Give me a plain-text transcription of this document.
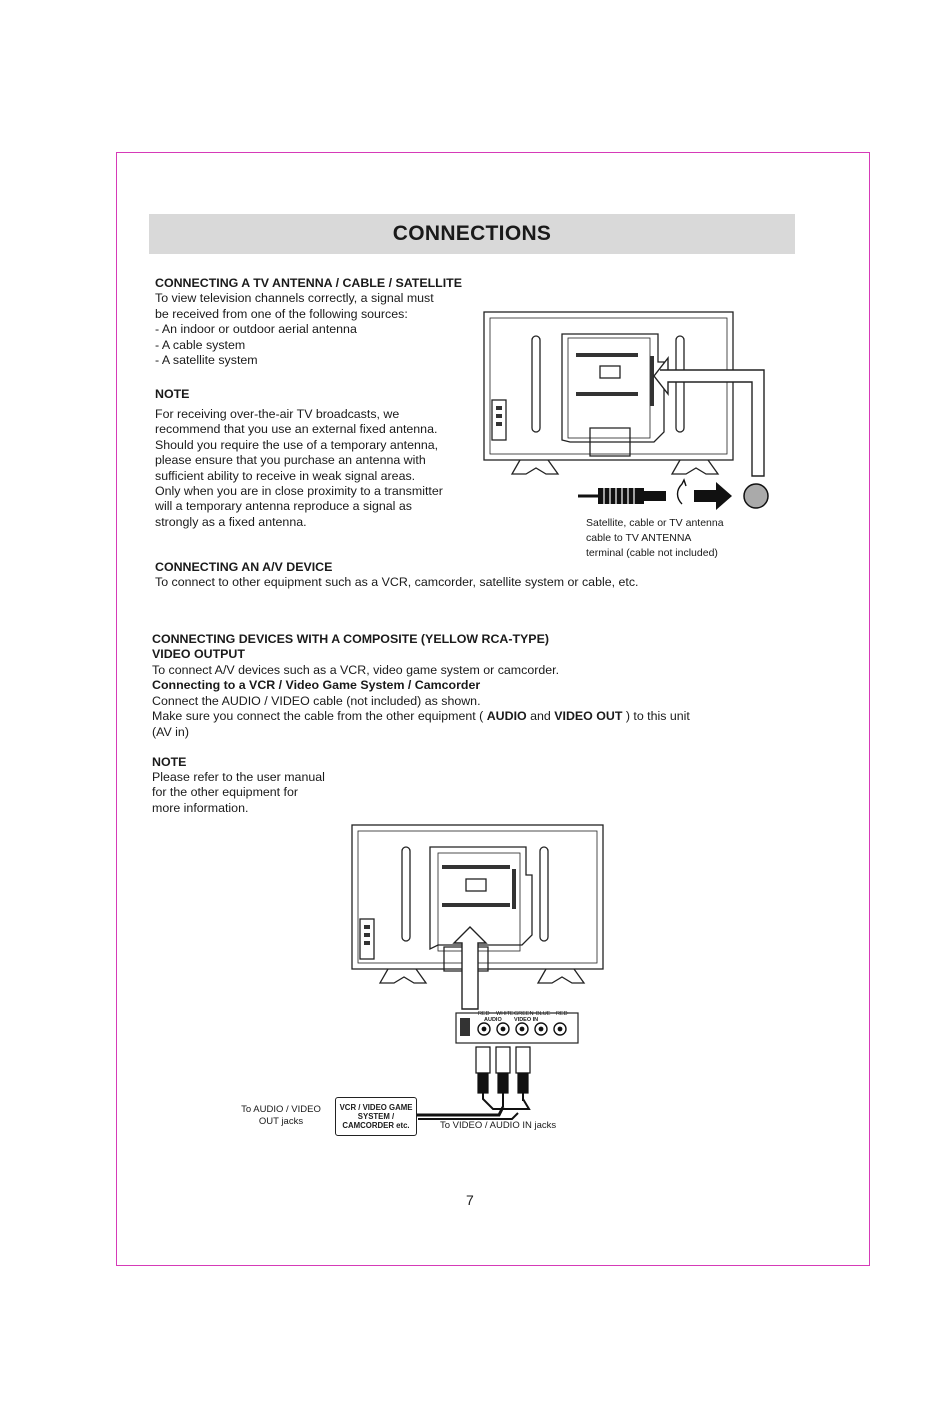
CONNECTIONS
CONNECTING A TV ANTENNA / CABLE / SATELLITE
To view television channels correctly, a signal must
be received from one of the following sources:
- An indoor or outdoor aerial antenna
- A cable system
- A satellite system
NOTE
For receiving over-the-air TV broadcasts, we
recommend that you use an external fixed antenna.
Should you require the use of a temporary antenna,
please ensure that you purchase an antenna with
sufficient ability to receive in weak signal areas.
Only when you are in close proximity to a transmitter
will a temporary antenna reproduce a signal as
strongly as a fixed antenna.	Satellite, cable or TV antenna
cable to TV ANTENNA
terminal (cable not included)
CONNECTING AN A/V DEVICE
To connect to other equipment such as a VCR, camcorder, satellite system or cable, etc.
CONNECTING DEVICES WITH A COMPOSITE (YELLOW RCA-TYPE)
VIDEO OUTPUT
To connect A/V devices such as a VCR, video game system or camcorder.
Connecting to a VCR / Video Game System / Camcorder
Connect the AUDIO / VIDEO cable (not included) as shown.
Make sure you connect the cable from the other equipment ( AUDIO and VIDEO OUT ) to this unit
(AV in)
NOTE
Please refer to the user manual
for the other equipment for
more information.
RED WHITE GREEN BLUE RED
AUDIO VIDEO IN
To AUDIO / VIDEO
OUT jacks
VCR / VIDEO GAME
SYSTEM /
CAMCORDER etc.	To VIDEO / AUDIO IN jacks
7
